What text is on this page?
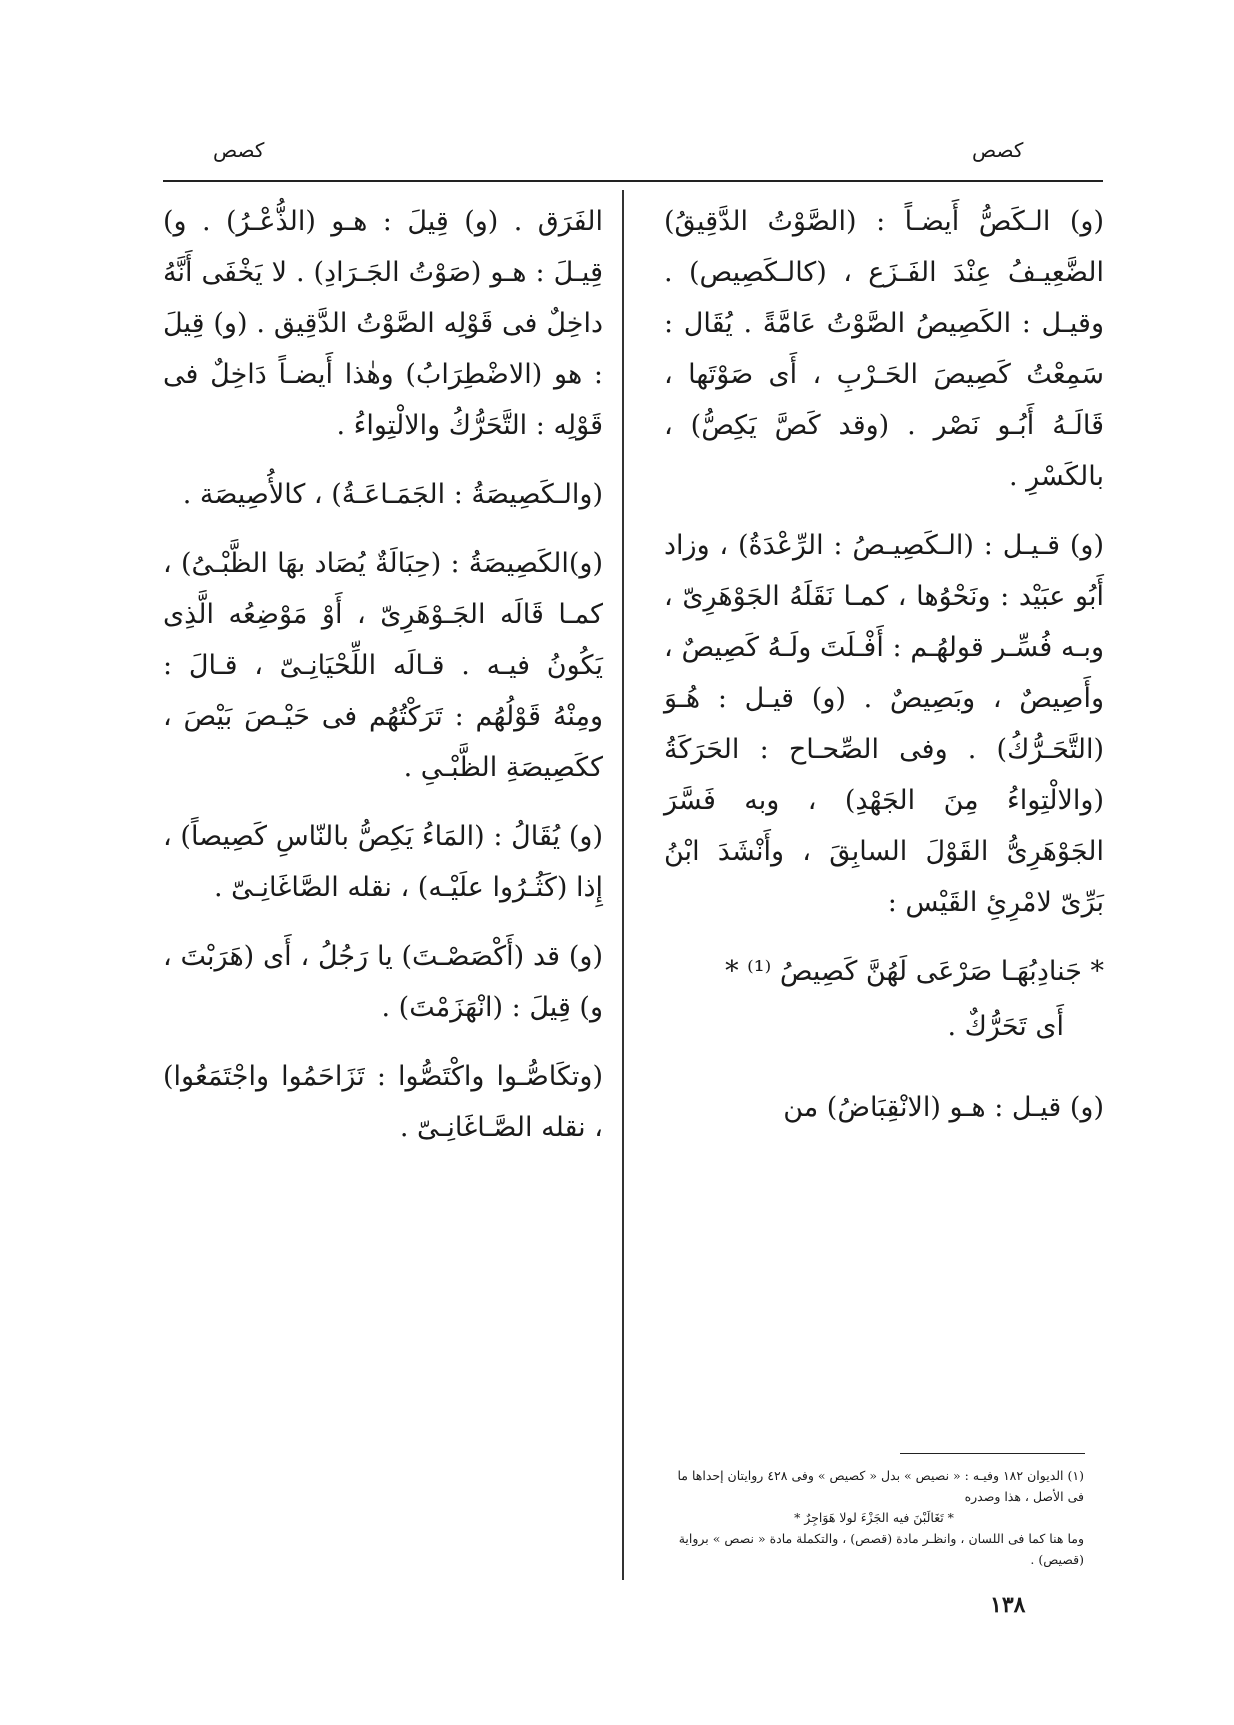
كصص	كصص

(و) الـكَصُّ أَيضـاً : (الصَّوْتُ الدَّقِيقُ) الضَّعِيـفُ عِنْدَ الفَـزَع ، (كالـكَصِيص) . وقيـل : الكَصِيصُ الصَّوْتُ عَامَّةً . يُقَال : سَمِعْتُ كَصِيصَ الحَـرْبِ ، أَى صَوْتَها ، قَالَـهُ أَبُـو نَصْر . (وقد كَصَّ يَكِصُّ) ، بالكَسْرِ .

(و) قـيـل : (الـكَصِيـصُ : الرِّعْدَةُ) ، وزاد أَبُو عبَيْد : ونَحْوُها ، كمـا نَقَلَهُ الجَوْهَرِىّ ، وبـه فُسِّـر قولهُـم : أَفْـلَتَ ولَـهُ كَصِيصٌ ، وأَصِيصٌ ، وبَصِيصٌ . (و) قيـل : هُـوَ (التَّحَـرُّكُ) . وفى الصِّحـاح : الحَرَكَةُ (والالْتِواءُ مِنَ الجَهْدِ) ، وبه فَسَّرَ الجَوْهَرِىُّ القَوْلَ السابِقَ ، وأَنْشَدَ ابْنُ بَرِّىّ لامْرِئِ القَيْس :

* جَنادِبُهَـا صَرْعَى لَهُنَّ كَصِيصُ ⁽¹⁾ *

أَى تَحَرُّكٌ .

(و) قيـل : هـو (الانْقِبَاضُ) من

الفَرَق . (و) قِيلَ : هـو (الذُّعْـرُ) . و) قِيـلَ : هـو (صَوْتُ الجَـرَادِ) . لا يَخْفَى أَنَّهُ داخِلٌ فى قَوْلِه الصَّوْتُ الدَّقِيق . (و) قِيلَ : هو (الاضْطِرَابُ) وهٰذا أَيضـاً دَاخِلٌ فى قَوْلِه : التَّحَرُّكُ والالْتِواءُ .

(والـكَصِيصَةُ : الجَمَـاعَـةُ) ، كالأُصِيصَة .

(و)الكَصِيصَةُ : (حِبَالَةٌ يُصَاد بهَا الظَّبْـىُ) ، كمـا قَالَه الجَـوْهَرِىّ ، أَوْ مَوْضِعُه الَّذِى يَكُونُ فيـه . قـالَه اللِّحْيَانِـىّ ، قـالَ : ومِنْهُ قَوْلُهُم : تَرَكْتُهُم فى حَيْـصَ بَيْصَ ، ككَصِيصَةِ الظَّبْـىِ .

(و) يُقَالُ : (المَاءُ يَكِصُّ بالنّاسِ كَصِيصاً) ، إِذا (كَثُـرُوا علَيْـه) ، نقله الصَّاغَانِـىّ .

(و) قد (أَكْصَصْـتَ) يا رَجُلُ ، أَى (هَرَبْتَ ، و) قِيلَ : (انْهَزَمْتَ) .

(وتكَاصُّـوا واكْتَصُّوا : تَزَاحَمُوا واجْتَمَعُوا) ، نقله الصَّـاغَانِـىّ .

(١) الديوان ١٨٢ وفيـه : « نصيص » بدل « كصيص » وفى ٤٢٨ روايتان إحداها ما فى الأصل ، هذا وصدره

* تَغَالَبْنَ فيه الجَزْءَ لولا هَوَاجِرٌ *

وما هنا كما فى اللسان ، وانظـر مادة (قصص) ، والتكملة مادة « نصص » برواية (قصيص) .

١٣٨
